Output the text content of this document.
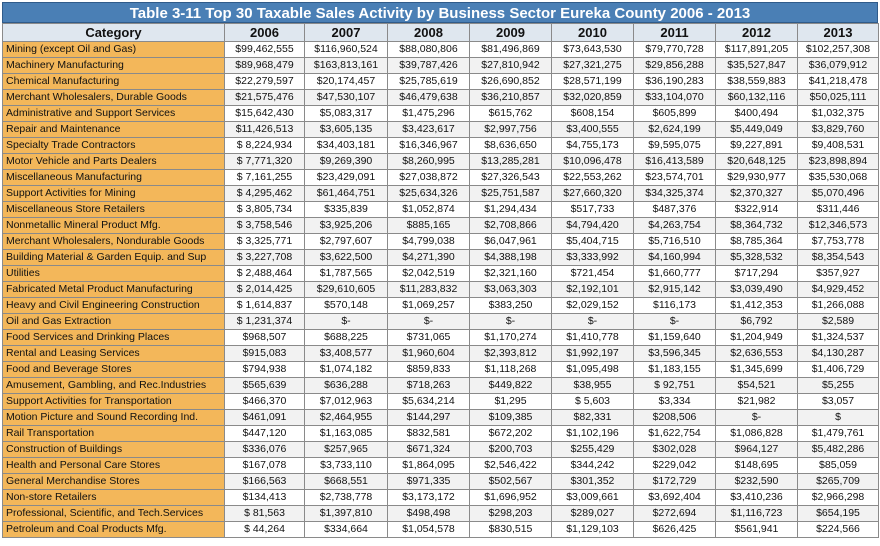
Table 3-11 Top 30 Taxable Sales Activity by Business Sector Eureka County 2006 - 2013
Category	2006	2007	2008	2009	2010	2011	2012	2013
Mining (except Oil and Gas)	$99,462,555	$116,960,524	$88,080,806	$81,496,869	$73,643,530	$79,770,728	$117,891,205	$102,257,308
Machinery Manufacturing	$89,968,479	$163,813,161	$39,787,426	$27,810,942	$27,321,275	$29,856,288	$35,527,847	$36,079,912
Chemical Manufacturing	$22,279,597	$20,174,457	$25,785,619	$26,690,852	$28,571,199	$36,190,283	$38,559,883	$41,218,478
Merchant Wholesalers, Durable Goods	$21,575,476	$47,530,107	$46,479,638	$36,210,857	$32,020,859	$33,104,070	$60,132,116	$50,025,111
Administrative and Support Services	$15,642,430	$5,083,317	$1,475,296	$615,762	$608,154	$605,899	$400,494	$1,032,375
Repair and Maintenance	$11,426,513	$3,605,135	$3,423,617	$2,997,756	$3,400,555	$2,624,199	$5,449,049	$3,829,760
Specialty Trade Contractors	$ 8,224,934	$34,403,181	$16,346,967	$8,636,650	$4,755,173	$9,595,075	$9,227,891	$9,408,531
Motor Vehicle and Parts Dealers	$ 7,771,320	$9,269,390	$8,260,995	$13,285,281	$10,096,478	$16,413,589	$20,648,125	$23,898,894
Miscellaneous Manufacturing	$ 7,161,255	$23,429,091	$27,038,872	$27,326,543	$22,553,262	$23,574,701	$29,930,977	$35,530,068
Support Activities for Mining	$ 4,295,462	$61,464,751	$25,634,326	$25,751,587	$27,660,320	$34,325,374	$2,370,327	$5,070,496
Miscellaneous Store Retailers	$ 3,805,734	$335,839	$1,052,874	$1,294,434	$517,733	$487,376	$322,914	$311,446
Nonmetallic Mineral Product Mfg.	$ 3,758,546	$3,925,206	$885,165	$2,708,866	$4,794,420	$4,263,754	$8,364,732	$12,346,573
Merchant Wholesalers, Nondurable Goods	$ 3,325,771	$2,797,607	$4,799,038	$6,047,961	$5,404,715	$5,716,510	$8,785,364	$7,753,778
Building Material & Garden Equip. and Sup	$ 3,227,708	$3,622,500	$4,271,390	$4,388,198	$3,333,992	$4,160,994	$5,328,532	$8,354,543
Utilities	$ 2,488,464	$1,787,565	$2,042,519	$2,321,160	$721,454	$1,660,777	$717,294	$357,927
Fabricated Metal Product Manufacturing	$ 2,014,425	$29,610,605	$11,283,832	$3,063,303	$2,192,101	$2,915,142	$3,039,490	$4,929,452
Heavy and Civil Engineering Construction	$ 1,614,837	$570,148	$1,069,257	$383,250	$2,029,152	$116,173	$1,412,353	$1,266,088
Oil and Gas Extraction	$ 1,231,374	$-	$-	$-	$-	$-	$6,792	$2,589
Food Services and Drinking Places	$968,507	$688,225	$731,065	$1,170,274	$1,410,778	$1,159,640	$1,204,949	$1,324,537
Rental and Leasing Services	$915,083	$3,408,577	$1,960,604	$2,393,812	$1,992,197	$3,596,345	$2,636,553	$4,130,287
Food and Beverage Stores	$794,938	$1,074,182	$859,833	$1,118,268	$1,095,498	$1,183,155	$1,345,699	$1,406,729
Amusement, Gambling, and Rec.Industries	$565,639	$636,288	$718,263	$449,822	$38,955	$ 92,751	$54,521	$5,255
Support Activities for Transportation	$466,370	$7,012,963	$5,634,214	$1,295	$ 5,603	$3,334	$21,982	$3,057
Motion Picture and Sound Recording Ind.	$461,091	$2,464,955	$144,297	$109,385	$82,331	$208,506	$-	$
Rail Transportation	$447,120	$1,163,085	$832,581	$672,202	$1,102,196	$1,622,754	$1,086,828	$1,479,761
Construction of Buildings	$336,076	$257,965	$671,324	$200,703	$255,429	$302,028	$964,127	$5,482,286
Health and Personal Care Stores	$167,078	$3,733,110	$1,864,095	$2,546,422	$344,242	$229,042	$148,695	$85,059
General Merchandise Stores	$166,563	$668,551	$971,335	$502,567	$301,352	$172,729	$232,590	$265,709
Non-store Retailers	$134,413	$2,738,778	$3,173,172	$1,696,952	$3,009,661	$3,692,404	$3,410,236	$2,966,298
Professional, Scientific, and Tech.Services	$ 81,563	$1,397,810	$498,498	$298,203	$289,027	$272,694	$1,116,723	$654,195
Petroleum and Coal Products Mfg.	$ 44,264	$334,664	$1,054,578	$830,515	$1,129,103	$626,425	$561,941	$224,566
